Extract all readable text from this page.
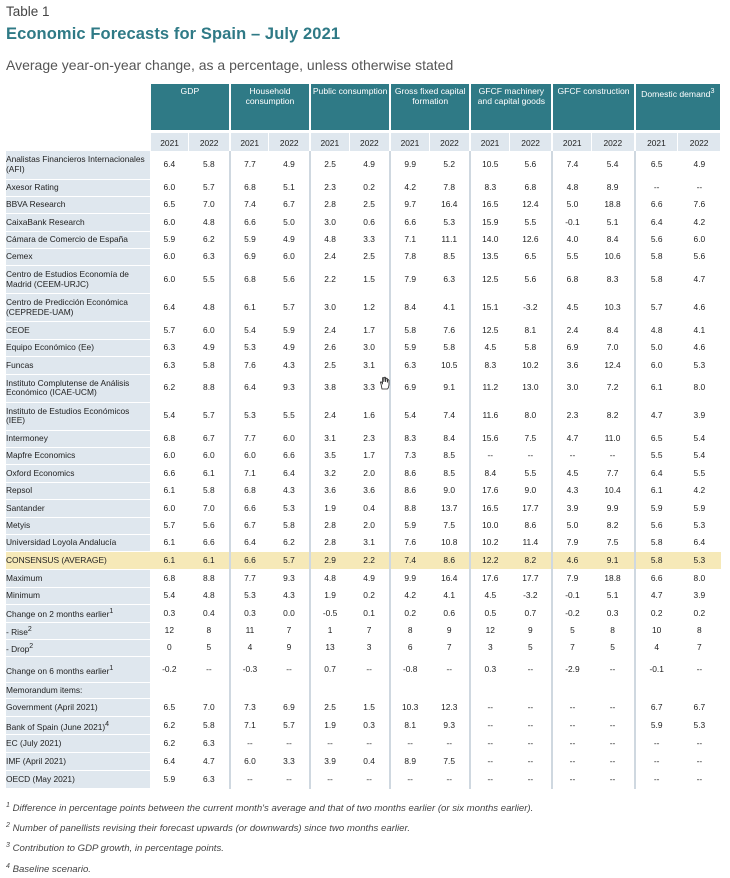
Table 1
Economic Forecasts for Spain – July 2021
Average year-on-year change, as a percentage, unless otherwise stated
	GDP		Household consumption		Public consumption		Gross fixed capital formation		GFCF machinery and capital goods		GFCF construction		Domestic demand$^3$

	2021	2022	2021	2022	2021	2022	2021	2022	2021	2022	2021	2022	2021	2022
Analistas Financieros Internacionales (AFI)	6.4	5.8	7.7	4.9	2.5	4.9	9.9	5.2	10.5	5.6	7.4	5.4	6.5	4.9
Axesor Rating	6.0	5.7	6.8	5.1	2.3	0.2	4.2	7.8	8.3	6.8	4.8	8.9	--	--
BBVA Research	6.5	7.0	7.4	6.7	2.8	2.5	9.7	16.4	16.5	12.4	5.0	18.8	6.6	7.6
CaixaBank Research	6.0	4.8	6.6	5.0	3.0	0.6	6.6	5.3	15.9	5.5	-0.1	5.1	6.4	4.2
Cámara de Comercio de España	5.9	6.2	5.9	4.9	4.8	3.3	7.1	11.1	14.0	12.6	4.0	8.4	5.6	6.0
Cemex	6.0	6.3	6.9	6.0	2.4	2.5	7.8	8.5	13.5	6.5	5.5	10.6	5.8	5.6
Centro de Estudios Economía de Madrid (CEEM-URJC)	6.0	5.5	6.8	5.6	2.2	1.5	7.9	6.3	12.5	5.6	6.8	8.3	5.8	4.7
Centro de Predicción Económica (CEPREDE-UAM)	6.4	4.8	6.1	5.7	3.0	1.2	8.4	4.1	15.1	-3.2	4.5	10.3	5.7	4.6
CEOE	5.7	6.0	5.4	5.9	2.4	1.7	5.8	7.6	12.5	8.1	2.4	8.4	4.8	4.1
Equipo Económico (Ee)	6.3	4.9	5.3	4.9	2.6	3.0	5.9	5.8	4.5	5.8	6.9	7.0	5.0	4.6
Funcas	6.3	5.8	7.6	4.3	2.5	3.1	6.3	10.5	8.3	10.2	3.6	12.4	6.0	5.3
Instituto Complutense de Análisis Económico (ICAE-UCM)	6.2	8.8	6.4	9.3	3.8	3.3	6.9	9.1	11.2	13.0	3.0	7.2	6.1	8.0
Instituto de Estudios Económicos (IEE)	5.4	5.7	5.3	5.5	2.4	1.6	5.4	7.4	11.6	8.0	2.3	8.2	4.7	3.9
Intermoney	6.8	6.7	7.7	6.0	3.1	2.3	8.3	8.4	15.6	7.5	4.7	11.0	6.5	5.4
Mapfre Economics	6.0	6.0	6.0	6.6	3.5	1.7	7.3	8.5	--	--	--	--	5.5	5.4
Oxford Economics	6.6	6.1	7.1	6.4	3.2	2.0	8.6	8.5	8.4	5.5	4.5	7.7	6.4	5.5
Repsol	6.1	5.8	6.8	4.3	3.6	3.6	8.6	9.0	17.6	9.0	4.3	10.4	6.1	4.2
Santander	6.0	7.0	6.6	5.3	1.9	0.4	8.8	13.7	16.5	17.7	3.9	9.9	5.9	5.9
Metyis	5.7	5.6	6.7	5.8	2.8	2.0	5.9	7.5	10.0	8.6	5.0	8.2	5.6	5.3
Universidad Loyola Andalucía	6.1	6.6	6.4	6.2	2.8	3.1	7.6	10.8	10.2	11.4	7.9	7.5	5.8	6.4
CONSENSUS (AVERAGE)	6.1	6.1	6.6	5.7	2.9	2.2	7.4	8.6	12.2	8.2	4.6	9.1	5.8	5.3
Maximum	6.8	8.8	7.7	9.3	4.8	4.9	9.9	16.4	17.6	17.7	7.9	18.8	6.6	8.0
Minimum	5.4	4.8	5.3	4.3	1.9	0.2	4.2	4.1	4.5	-3.2	-0.1	5.1	4.7	3.9
Change on 2 months earlier$^1$	0.3	0.4	0.3	0.0	-0.5	0.1	0.2	0.6	0.5	0.7	-0.2	0.3	0.2	0.2
- Rise$^2$	12	8	11	7	1	7	8	9	12	9	5	8	10	8
- Drop$^2$	0	5	4	9	13	3	6	7	3	5	7	5	4	7
Change on 6 months earlier$^1$	-0.2	--	-0.3	--	0.7	--	-0.8	--	0.3	--	-2.9	--	-0.1	--
Memorandum items:														
Government (April 2021)	6.5	7.0	7.3	6.9	2.5	1.5	10.3	12.3	--	--	--	--	6.7	6.7
Bank of Spain (June 2021)$^4$	6.2	5.8	7.1	5.7	1.9	0.3	8.1	9.3	--	--	--	--	5.9	5.3
EC (July 2021)	6.2	6.3	--	--	--	--	--	--	--	--	--	--	--	--
IMF (April 2021)	6.4	4.7	6.0	3.3	3.9	0.4	8.9	7.5	--	--	--	--	--	--
OECD (May 2021)	5.9	6.3	--	--	--	--	--	--	--	--	--	--	--	--
$^1$ Difference in percentage points between the current month's average and that of two months earlier (or six months earlier).
$^2$ Number of panellists revising their forecast upwards (or downwards) since two months earlier.
$^3$ Contribution to GDP growth, in percentage points.
$^4$ Baseline scenario.
